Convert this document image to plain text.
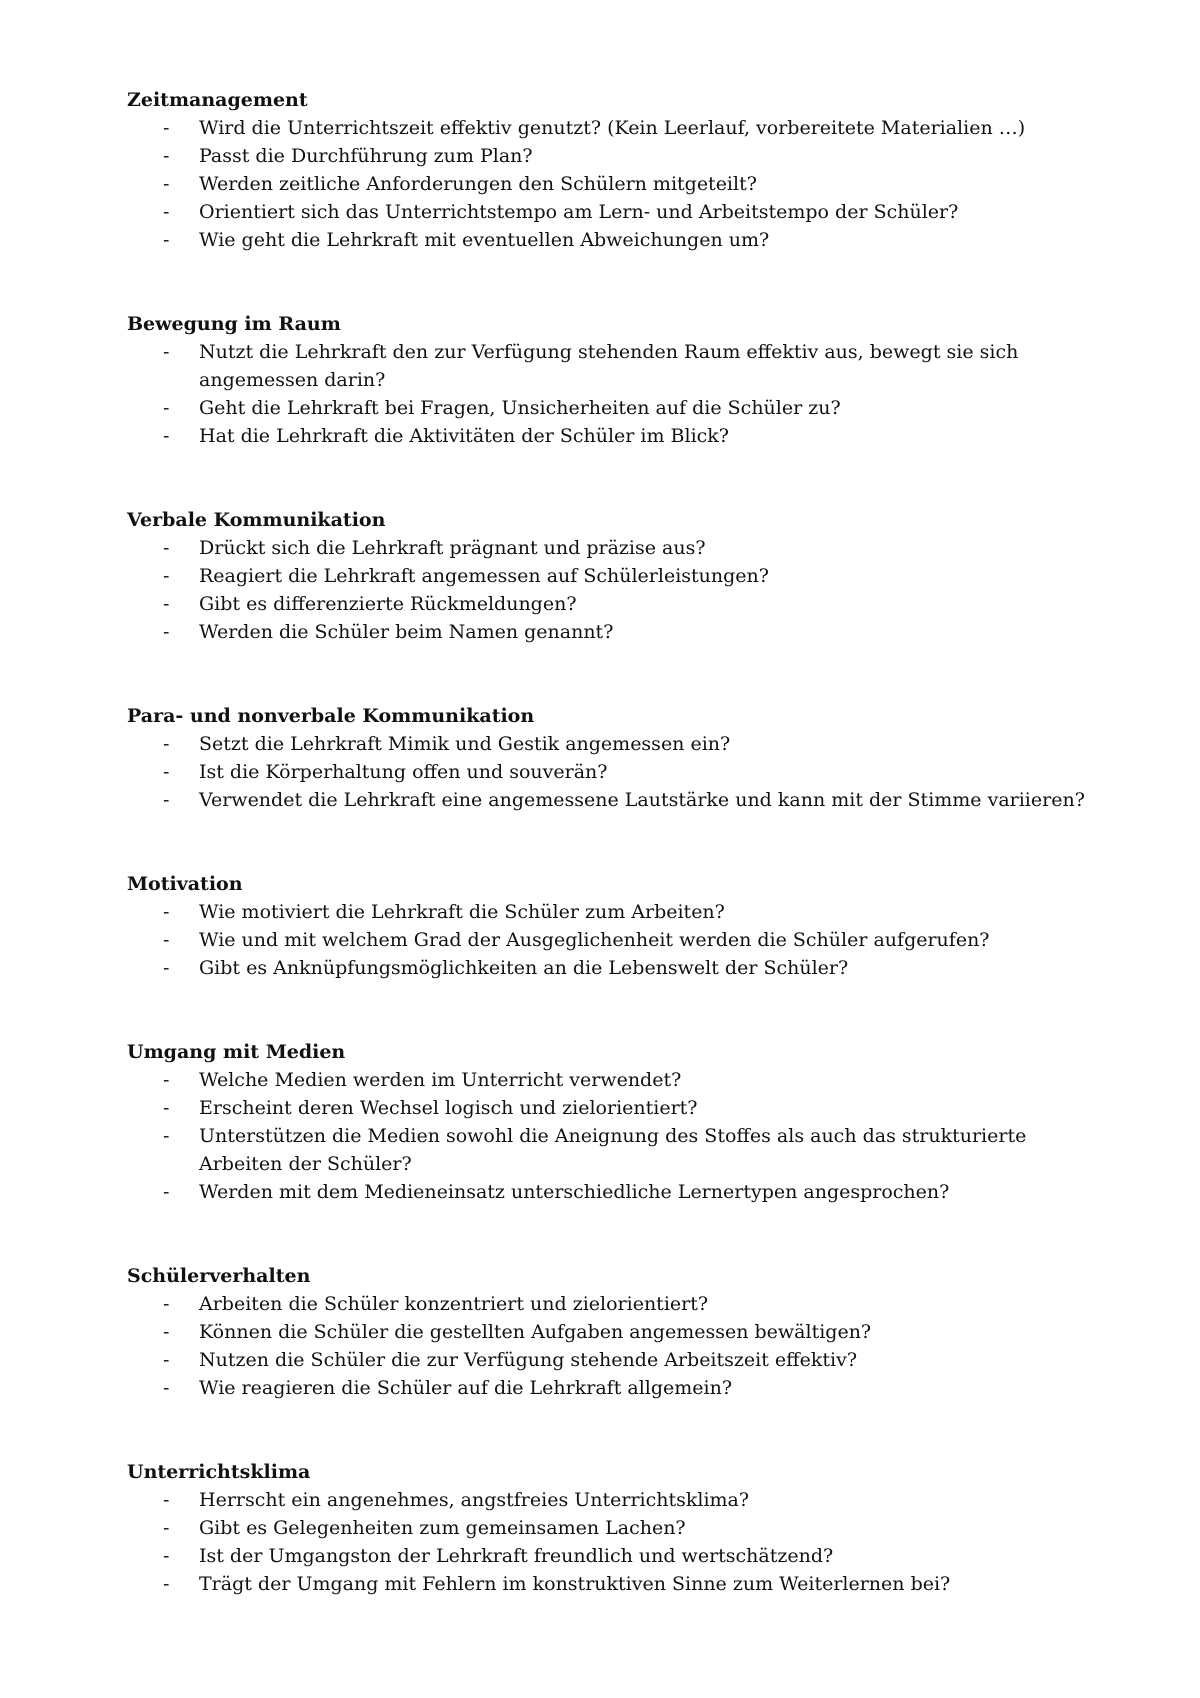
Zeitmanagement

- Wird die Unterrichtszeit effektiv genutzt? (Kein Leerlauf, vorbereitete Materialien …)
- Passt die Durchführung zum Plan?
- Werden zeitliche Anforderungen den Schülern mitgeteilt?
- Orientiert sich das Unterrichtstempo am Lern- und Arbeitstempo der Schüler?
- Wie geht die Lehrkraft mit eventuellen Abweichungen um?

Bewegung im Raum

- Nutzt die Lehrkraft den zur Verfügung stehenden Raum effektiv aus, bewegt sie sich angemessen darin?
- Geht die Lehrkraft bei Fragen, Unsicherheiten auf die Schüler zu?
- Hat die Lehrkraft die Aktivitäten der Schüler im Blick?

Verbale Kommunikation

- Drückt sich die Lehrkraft prägnant und präzise aus?
- Reagiert die Lehrkraft angemessen auf Schülerleistungen?
- Gibt es differenzierte Rückmeldungen?
- Werden die Schüler beim Namen genannt?

Para- und nonverbale Kommunikation

- Setzt die Lehrkraft Mimik und Gestik angemessen ein?
- Ist die Körperhaltung offen und souverän?
- Verwendet die Lehrkraft eine angemessene Lautstärke und kann mit der Stimme variieren?

Motivation

- Wie motiviert die Lehrkraft die Schüler zum Arbeiten?
- Wie und mit welchem Grad der Ausgeglichenheit werden die Schüler aufgerufen?
- Gibt es Anknüpfungsmöglichkeiten an die Lebenswelt der Schüler?

Umgang mit Medien

- Welche Medien werden im Unterricht verwendet?
- Erscheint deren Wechsel logisch und zielorientiert?
- Unterstützen die Medien sowohl die Aneignung des Stoffes als auch das strukturierte Arbeiten der Schüler?
- Werden mit dem Medieneinsatz unterschiedliche Lernertypen angesprochen?

Schülerverhalten

- Arbeiten die Schüler konzentriert und zielorientiert?
- Können die Schüler die gestellten Aufgaben angemessen bewältigen?
- Nutzen die Schüler die zur Verfügung stehende Arbeitszeit effektiv?
- Wie reagieren die Schüler auf die Lehrkraft allgemein?

Unterrichtsklima

- Herrscht ein angenehmes, angstfreies Unterrichtsklima?
- Gibt es Gelegenheiten zum gemeinsamen Lachen?
- Ist der Umgangston der Lehrkraft freundlich und wertschätzend?
- Trägt der Umgang mit Fehlern im konstruktiven Sinne zum Weiterlernen bei?
